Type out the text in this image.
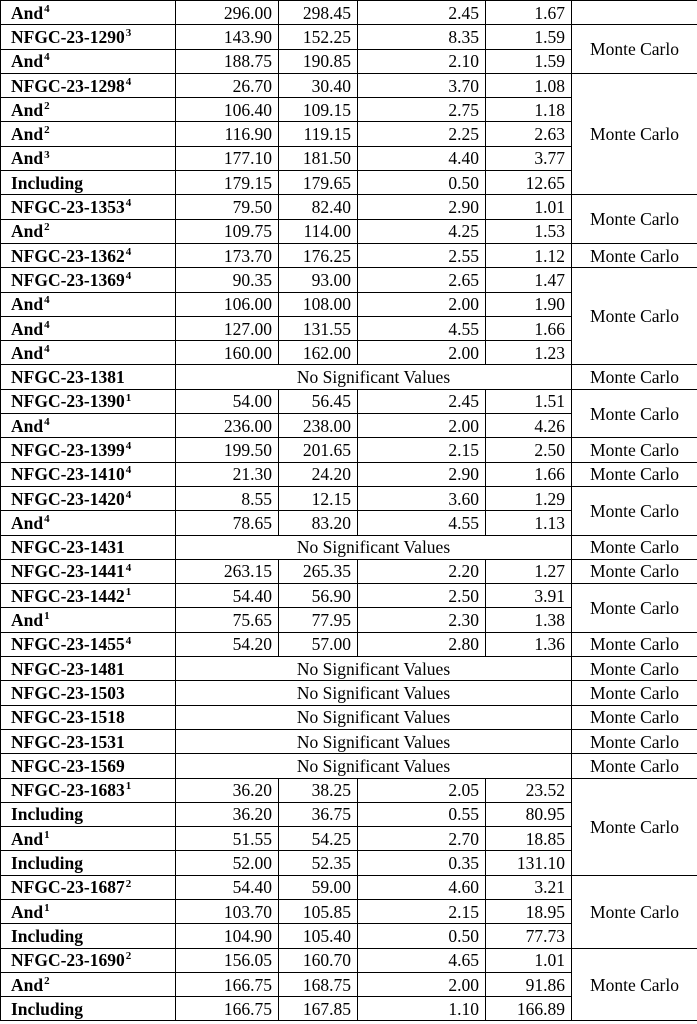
And$^4$	296.00	298.45	2.45	1.67	
NFGC-23-1290$^3$	143.90	152.25	8.35	1.59	Monte Carlo
And$^4$	188.75	190.85	2.10	1.59	
NFGC-23-1298$^4$	26.70	30.40	3.70	1.08	Monte Carlo
And$^2$	106.40	109.15	2.75	1.18	
And$^2$	116.90	119.15	2.25	2.63	
And$^3$	177.10	181.50	4.40	3.77	
Including	179.15	179.65	0.50	12.65	
NFGC-23-1353$^4$	79.50	82.40	2.90	1.01	Monte Carlo
And$^2$	109.75	114.00	4.25	1.53	
NFGC-23-1362$^4$	173.70	176.25	2.55	1.12	Monte Carlo
NFGC-23-1369$^4$	90.35	93.00	2.65	1.47	Monte Carlo
And$^4$	106.00	108.00	2.00	1.90	
And$^4$	127.00	131.55	4.55	1.66	
And$^4$	160.00	162.00	2.00	1.23	
NFGC-23-1381	No Significant Values				Monte Carlo
NFGC-23-1390$^1$	54.00	56.45	2.45	1.51	Monte Carlo
And$^4$	236.00	238.00	2.00	4.26	
NFGC-23-1399$^4$	199.50	201.65	2.15	2.50	Monte Carlo
NFGC-23-1410$^4$	21.30	24.20	2.90	1.66	Monte Carlo
NFGC-23-1420$^4$	8.55	12.15	3.60	1.29	Monte Carlo
And$^4$	78.65	83.20	4.55	1.13	
NFGC-23-1431	No Significant Values				Monte Carlo
NFGC-23-1441$^4$	263.15	265.35	2.20	1.27	Monte Carlo
NFGC-23-1442$^1$	54.40	56.90	2.50	3.91	Monte Carlo
And$^1$	75.65	77.95	2.30	1.38	
NFGC-23-1455$^4$	54.20	57.00	2.80	1.36	Monte Carlo
NFGC-23-1481	No Significant Values				Monte Carlo
NFGC-23-1503	No Significant Values				Monte Carlo
NFGC-23-1518	No Significant Values				Monte Carlo
NFGC-23-1531	No Significant Values				Monte Carlo
NFGC-23-1569	No Significant Values				Monte Carlo
NFGC-23-1683$^1$	36.20	38.25	2.05	23.52	Monte Carlo
Including	36.20	36.75	0.55	80.95	
And$^1$	51.55	54.25	2.70	18.85	
Including	52.00	52.35	0.35	131.10	
NFGC-23-1687$^2$	54.40	59.00	4.60	3.21	Monte Carlo
And$^1$	103.70	105.85	2.15	18.95	
Including	104.90	105.40	0.50	77.73	
NFGC-23-1690$^2$	156.05	160.70	4.65	1.01	Monte Carlo
And$^2$	166.75	168.75	2.00	91.86	
Including	166.75	167.85	1.10	166.89	
